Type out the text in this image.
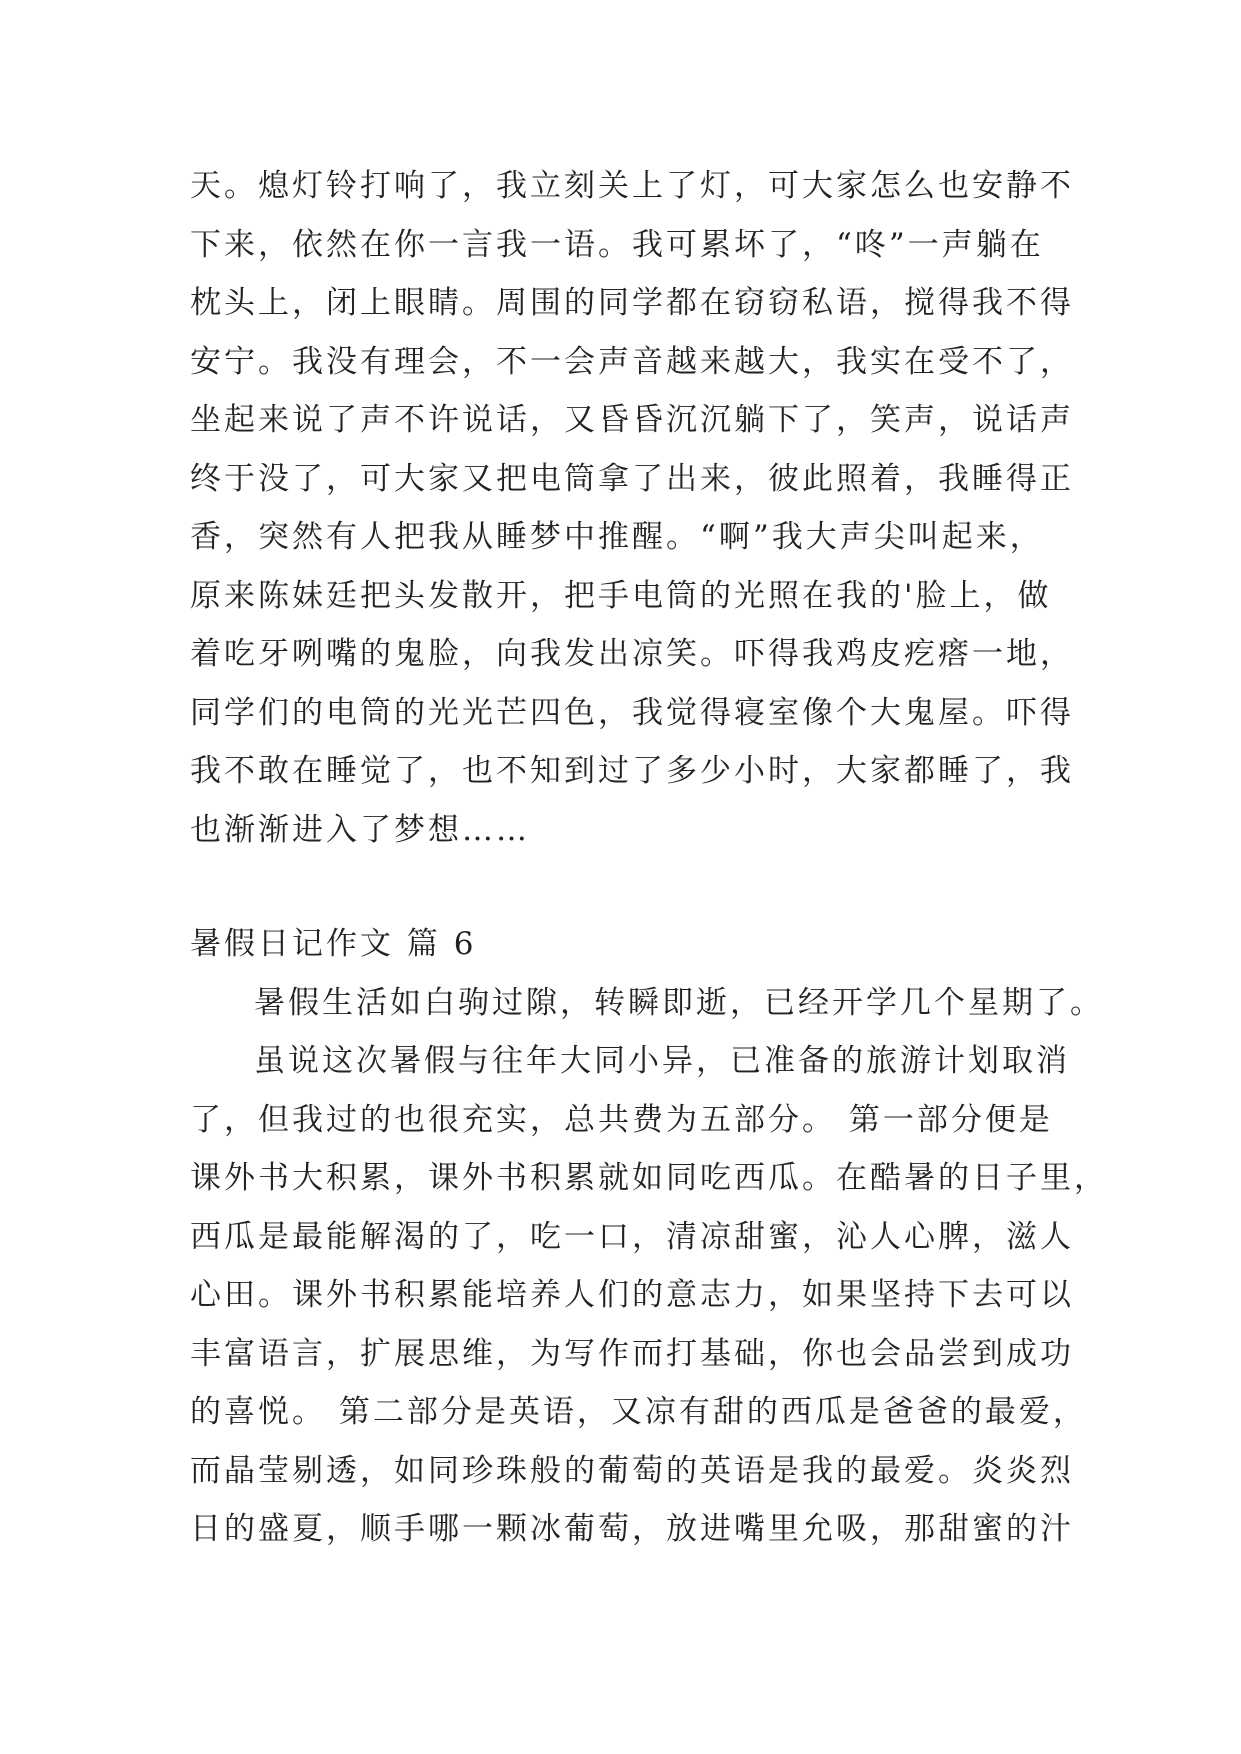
天。熄灯铃打响了，我立刻关上了灯，可大家怎么也安静不
下来，依然在你一言我一语。我可累坏了，“咚”一声躺在
枕头上，闭上眼睛。周围的同学都在窃窃私语，搅得我不得
安宁。我没有理会，不一会声音越来越大，我实在受不了，
坐起来说了声不许说话，又昏昏沉沉躺下了，笑声，说话声
终于没了，可大家又把电筒拿了出来，彼此照着，我睡得正
香，突然有人把我从睡梦中推醒。“啊”我大声尖叫起来，
原来陈妹廷把头发散开，把手电筒的光照在我的'脸上，做
着吃牙咧嘴的鬼脸，向我发出凉笑。吓得我鸡皮疙瘩一地，
同学们的电筒的光光芒四色，我觉得寝室像个大鬼屋。吓得
我不敢在睡觉了，也不知到过了多少小时，大家都睡了，我
也渐渐进入了梦想……
暑假日记作文 篇 6
暑假生活如白驹过隙，转瞬即逝，已经开学几个星期了。
虽说这次暑假与往年大同小异，已准备的旅游计划取消
了，但我过的也很充实，总共费为五部分。 第一部分便是
课外书大积累，课外书积累就如同吃西瓜。在酷暑的日子里，
西瓜是最能解渴的了，吃一口，清凉甜蜜，沁人心脾，滋人
心田。课外书积累能培养人们的意志力，如果坚持下去可以
丰富语言，扩展思维，为写作而打基础，你也会品尝到成功
的喜悦。 第二部分是英语，又凉有甜的西瓜是爸爸的最爱，
而晶莹剔透，如同珍珠般的葡萄的英语是我的最爱。炎炎烈
日的盛夏，顺手哪一颗冰葡萄，放进嘴里允吸，那甜蜜的汁
